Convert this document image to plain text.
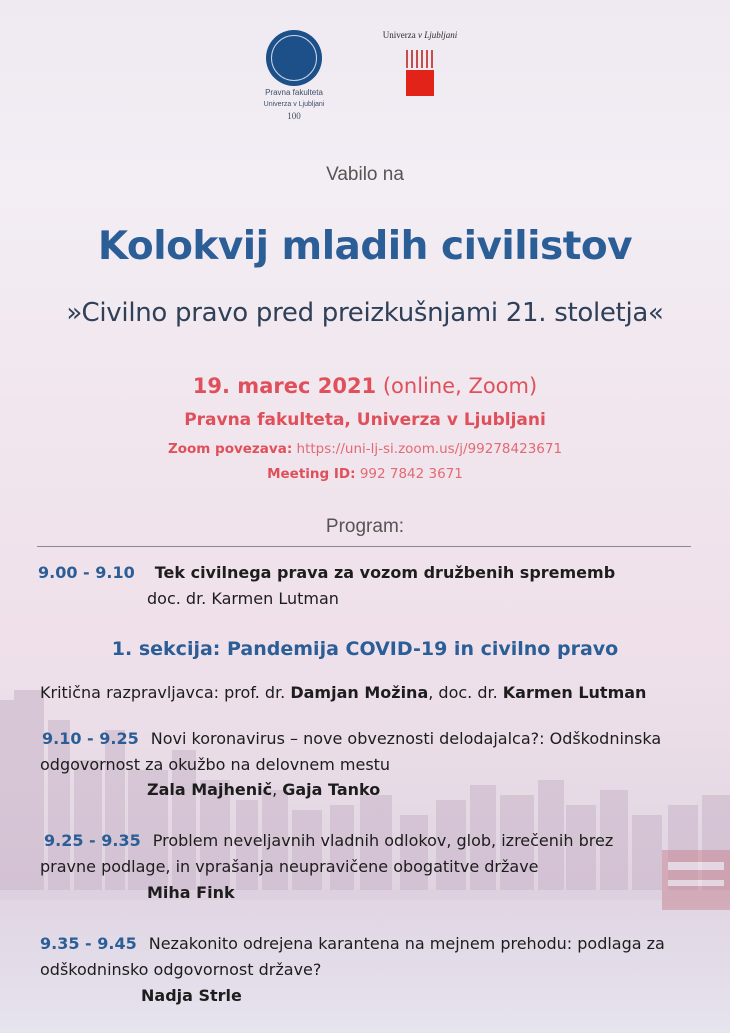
Pravna fakulteta
Univerza v Ljubljani
100
Univerza v Ljubljani
Vabilo na
Kolokvij mladih civilistov
»Civilno pravo pred preizkušnjami 21. stoletja«
19. marec 2021 (online, Zoom)
Pravna fakulteta, Univerza v Ljubljani
Zoom povezava: https://uni-lj-si.zoom.us/j/99278423671
Meeting ID: 992 7842 3671
Program:
9.00 - 9.10 Tek civilnega prava za vozom družbenih sprememb
doc. dr. Karmen Lutman
1. sekcija: Pandemija COVID-19 in civilno pravo
Kritična razpravljavca: prof. dr. Damjan Možina, doc. dr. Karmen Lutman
9.10 - 9.25 Novi koronavirus – nove obveznosti delodajalca?: Odškodninska
odgovornost za okužbo na delovnem mestu
Zala Majhenič, Gaja Tanko
9.25 - 9.35 Problem neveljavnih vladnih odlokov, glob, izrečenih brez
pravne podlage, in vprašanja neupravičene obogatitve države
Miha Fink
9.35 - 9.45 Nezakonito odrejena karantena na mejnem prehodu: podlaga za
odškodninsko odgovornost države?
Nadja Strle
